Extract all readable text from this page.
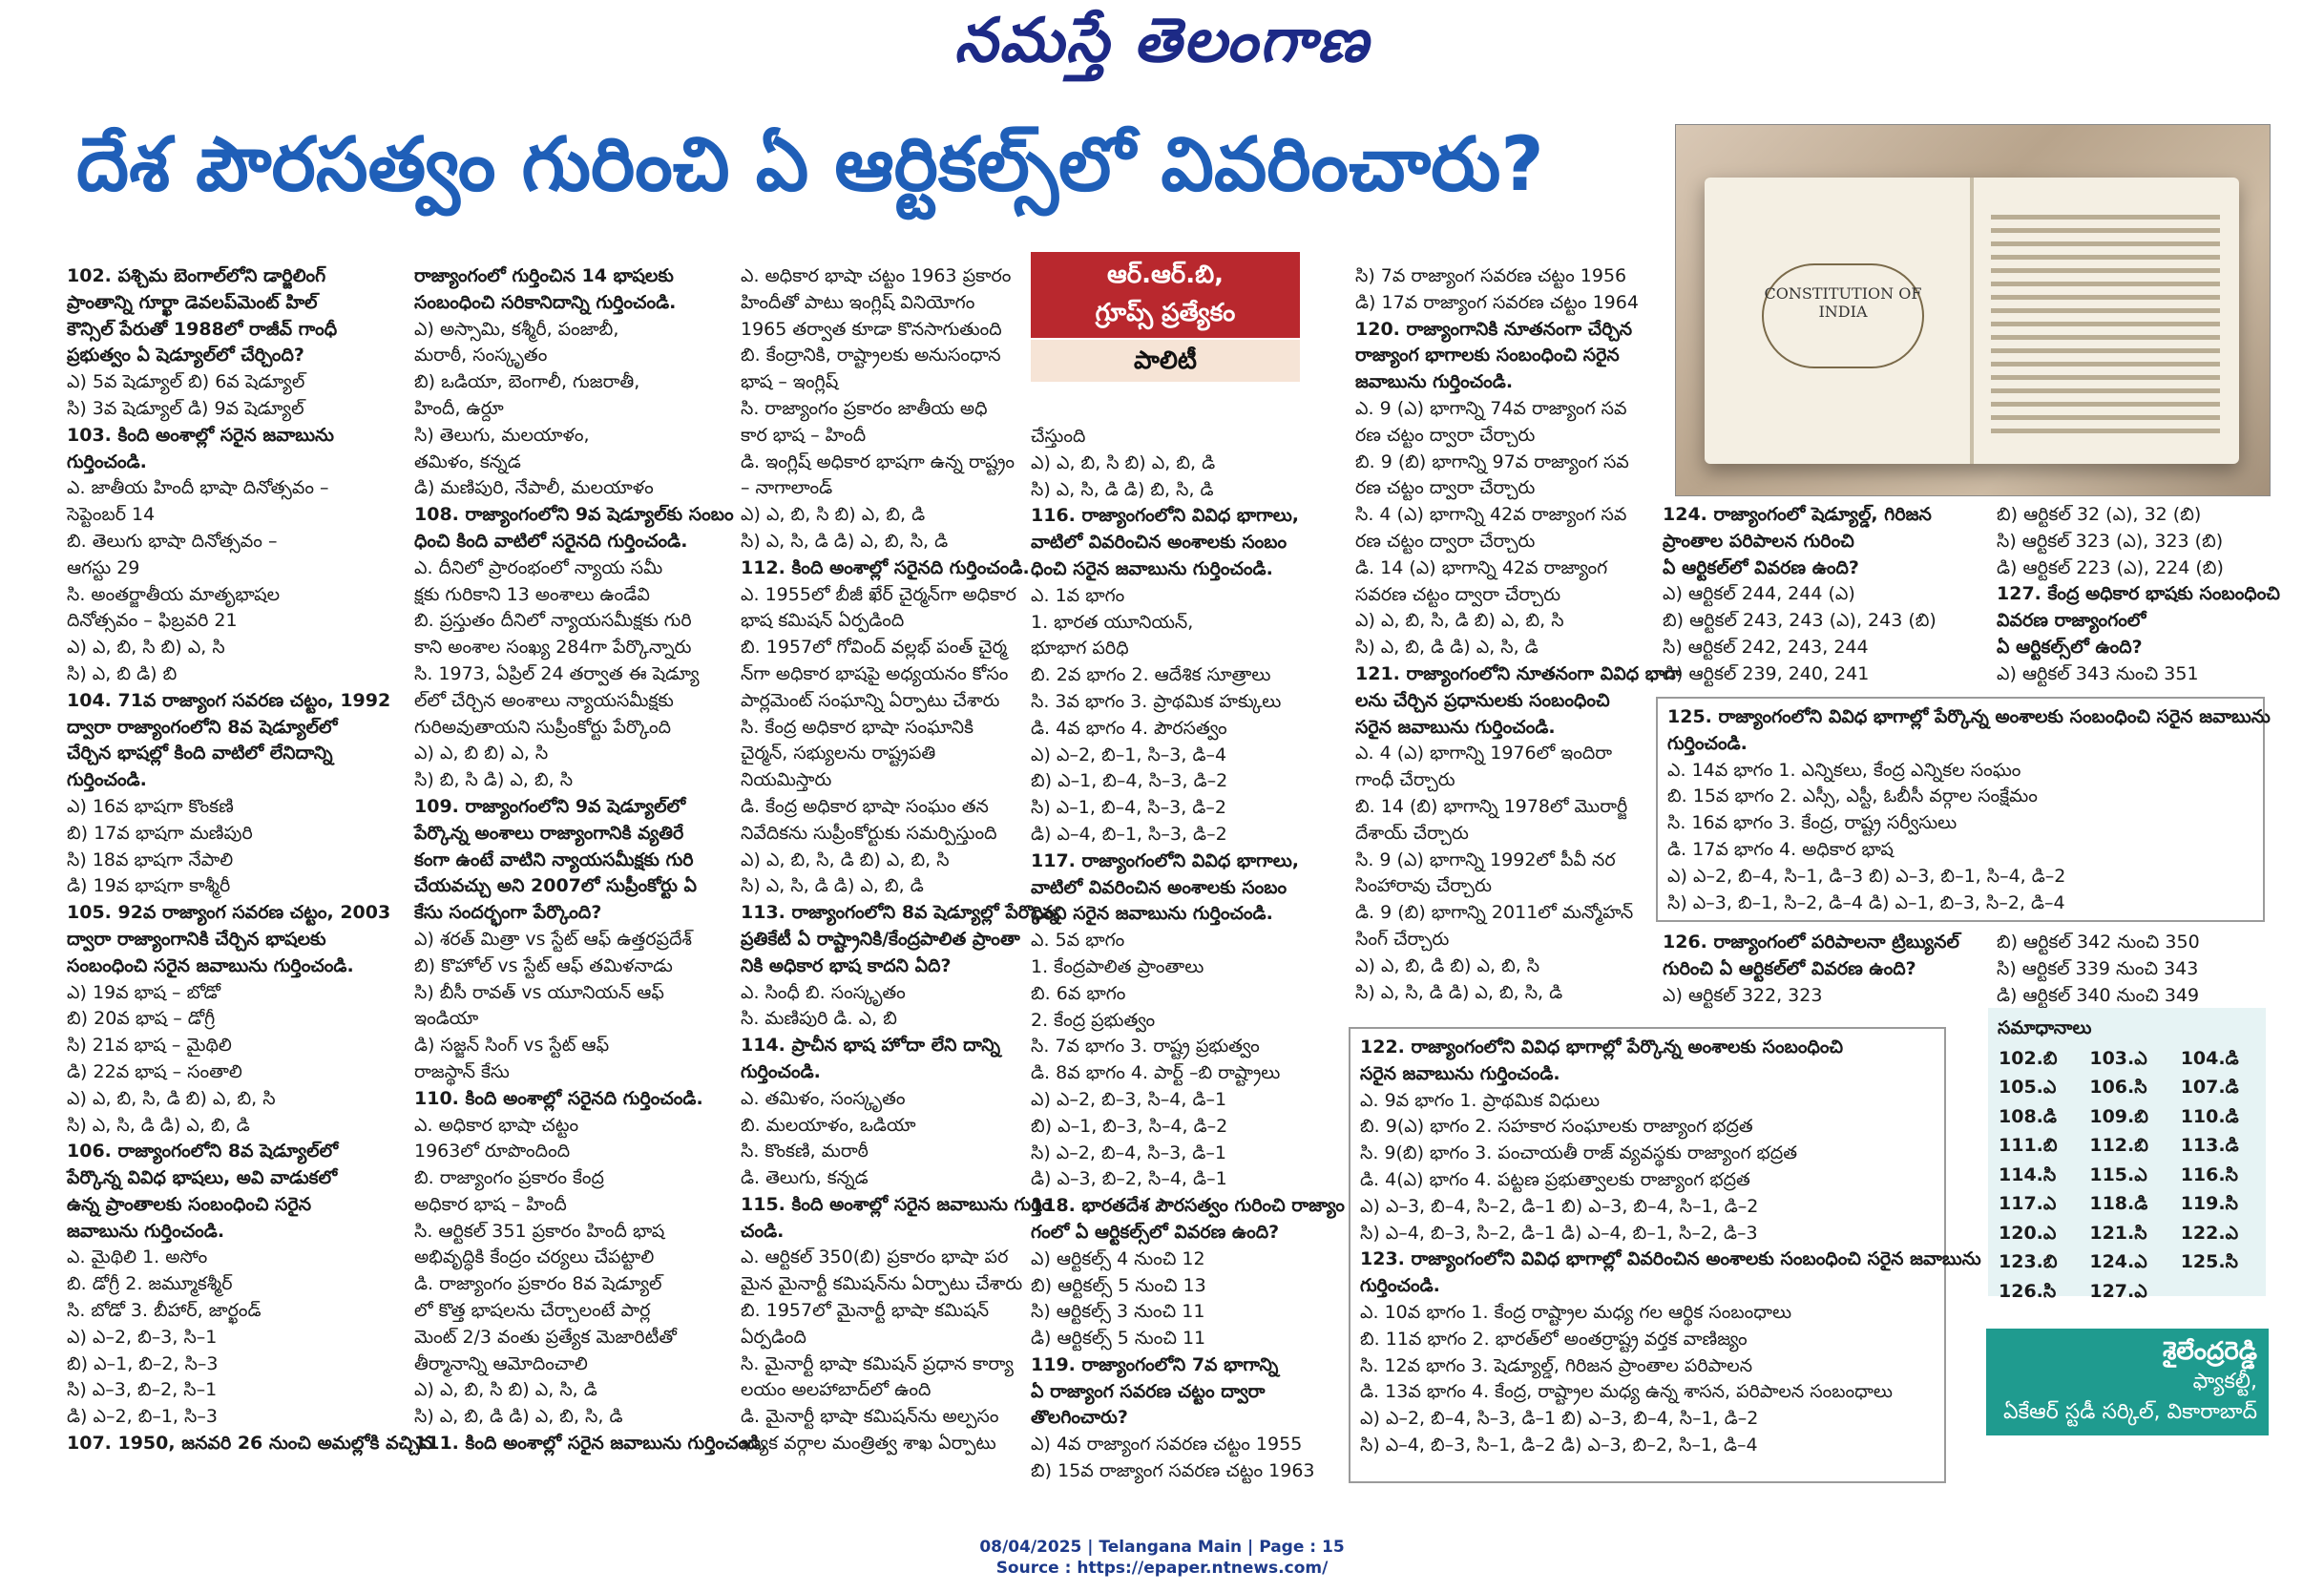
నమస్తే తెలంగాణ
దేశ పౌరసత్వం గురించి ఏ ఆర్టికల్స్‌లో వివరించారు?
CONSTITUTION OF INDIA
ఆర్.ఆర్.బి,
గ్రూప్స్ ప్రత్యేకం
పాలిటీ

102. పశ్చిమ బెంగాల్‌లోని డార్జిలింగ్

ప్రాంతాన్ని గూర్ఖా డెవలప్‌మెంట్ హిల్

కౌన్సిల్ పేరుతో 1988లో రాజీవ్ గాంధీ

ప్రభుత్వం ఏ షెడ్యూల్‌లో చేర్చింది?

ఎ) 5వ షెడ్యూల్ బి) 6వ షెడ్యూల్

సి) 3వ షెడ్యూల్ డి) 9వ షెడ్యూల్

103. కింది అంశాల్లో సరైన జవాబును

గుర్తించండి.

ఎ. జాతీయ హిందీ భాషా దినోత్సవం –

సెప్టెంబర్ 14

బి. తెలుగు భాషా దినోత్సవం –

ఆగస్టు 29

సి. అంతర్జాతీయ మాతృభాషల

దినోత్సవం – ఫిబ్రవరి 21

ఎ) ఎ, బి, సి బి) ఎ, సి

సి) ఎ, బి డి) బి

104. 71వ రాజ్యాంగ సవరణ చట్టం, 1992

ద్వారా రాజ్యాంగంలోని 8వ షెడ్యూల్‌లో

చేర్చిన భాషల్లో కింది వాటిలో లేనిదాన్ని

గుర్తించండి.

ఎ) 16వ భాషగా కొంకణి

బి) 17వ భాషగా మణిపురి

సి) 18వ భాషగా నేపాలి

డి) 19వ భాషగా కాశ్మీరీ

105. 92వ రాజ్యాంగ సవరణ చట్టం, 2003

ద్వారా రాజ్యాంగానికి చేర్చిన భాషలకు

సంబంధించి సరైన జవాబును గుర్తించండి.

ఎ) 19వ భాష – బోడో

బి) 20వ భాష – డోగ్రీ

సి) 21వ భాష – మైథిలి

డి) 22వ భాష – సంతాలి

ఎ) ఎ, బి, సి, డి బి) ఎ, బి, సి

సి) ఎ, సి, డి డి) ఎ, బి, డి

106. రాజ్యాంగంలోని 8వ షెడ్యూల్‌లో

పేర్కొన్న వివిధ భాషలు, అవి వాడుకలో

ఉన్న ప్రాంతాలకు సంబంధించి సరైన

జవాబును గుర్తించండి.

ఎ. మైథిలి 1. అసోం

బి. డోగ్రీ 2. జమ్మూకశ్మీర్

సి. బోడో 3. బీహార్, జార్ఖండ్

ఎ) ఎ–2, బి–3, సి–1

బి) ఎ–1, బి–2, సి–3

సి) ఎ–3, బి–2, సి–1

డి) ఎ–2, బి–1, సి–3

107. 1950, జనవరి 26 నుంచి అమల్లోకి వచ్చిన

రాజ్యాంగంలో గుర్తించిన 14 భాషలకు

సంబంధించి సరికానిదాన్ని గుర్తించండి.

ఎ) అస్సామి, కశ్మీరీ, పంజాబీ,

మరాఠీ, సంస్కృతం

బి) ఒడియా, బెంగాలీ, గుజరాతీ,

హిందీ, ఉర్దూ

సి) తెలుగు, మలయాళం,

తమిళం, కన్నడ

డి) మణిపురి, నేపాలీ, మలయాళం

108. రాజ్యాంగంలోని 9వ షెడ్యూల్‌కు సంబం

ధించి కింది వాటిలో సరైనది గుర్తించండి.

ఎ. దీనిలో ప్రారంభంలో న్యాయ సమీ

క్షకు గురికాని 13 అంశాలు ఉండేవి

బి. ప్రస్తుతం దీనిలో న్యాయసమీక్షకు గురి

కాని అంశాల సంఖ్య 284గా పేర్కొన్నారు

సి. 1973, ఏప్రిల్ 24 తర్వాత ఈ షెడ్యూ

ల్‌లో చేర్చిన అంశాలు న్యాయసమీక్షకు

గురిఅవుతాయని సుప్రీంకోర్టు పేర్కొంది

ఎ) ఎ, బి బి) ఎ, సి

సి) బి, సి డి) ఎ, బి, సి

109. రాజ్యాంగంలోని 9వ షెడ్యూల్‌లో

పేర్కొన్న అంశాలు రాజ్యాంగానికి వ్యతిరే

కంగా ఉంటే వాటిని న్యాయసమీక్షకు గురి

చేయవచ్చు అని 2007లో సుప్రీంకోర్టు ఏ

కేసు సందర్భంగా పేర్కొంది?

ఎ) శరత్ మిత్రా vs స్టేట్ ఆఫ్ ఉత్తరప్రదేశ్

బి) కొహోల్ vs స్టేట్ ఆఫ్ తమిళనాడు

సి) బీసీ రావత్ vs యూనియన్ ఆఫ్

ఇండియా

డి) సజ్జన్ సింగ్ vs స్టేట్ ఆఫ్

రాజస్థాన్ కేసు

110. కింది అంశాల్లో సరైనది గుర్తించండి.

ఎ. అధికార భాషా చట్టం

1963లో రూపొందింది

బి. రాజ్యాంగం ప్రకారం కేంద్ర

అధికార భాష – హిందీ

సి. ఆర్టికల్ 351 ప్రకారం హిందీ భాష

అభివృద్ధికి కేంద్రం చర్యలు చేపట్టాలి

డి. రాజ్యాంగం ప్రకారం 8వ షెడ్యూల్

లో కొత్త భాషలను చేర్చాలంటే పార్ల

మెంట్ 2/3 వంతు ప్రత్యేక మెజారిటీతో

తీర్మానాన్ని ఆమోదించాలి

ఎ) ఎ, బి, సి బి) ఎ, సి, డి

సి) ఎ, బి, డి డి) ఎ, బి, సి, డి

111. కింది అంశాల్లో సరైన జవాబును గుర్తించండి.

ఎ. అధికార భాషా చట్టం 1963 ప్రకారం

హిందీతో పాటు ఇంగ్లిష్ వినియోగం

1965 తర్వాత కూడా కొనసాగుతుంది

బి. కేంద్రానికి, రాష్ట్రాలకు అనుసంధాన

భాష – ఇంగ్లిష్

సి. రాజ్యాంగం ప్రకారం జాతీయ అధి

కార భాష – హిందీ

డి. ఇంగ్లిష్ అధికార భాషగా ఉన్న రాష్ట్రం

– నాగాలాండ్

ఎ) ఎ, బి, సి బి) ఎ, బి, డి

సి) ఎ, సి, డి డి) ఎ, బి, సి, డి

112. కింది అంశాల్లో సరైనది గుర్తించండి.

ఎ. 1955లో బీజీ ఖేర్ చైర్మన్‌గా అధికార

భాష కమిషన్ ఏర్పడింది

బి. 1957లో గోవింద్ వల్లభ్ పంత్ చైర్మ

న్‌గా అధికార భాషపై అధ్యయనం కోసం

పార్లమెంట్ సంఘాన్ని ఏర్పాటు చేశారు

సి. కేంద్ర అధికార భాషా సంఘానికి

చైర్మన్, సభ్యులను రాష్ట్రపతి

నియమిస్తారు

డి. కేంద్ర అధికార భాషా సంఘం తన

నివేదికను సుప్రీంకోర్టుకు సమర్పిస్తుంది

ఎ) ఎ, బి, సి, డి బి) ఎ, బి, సి

సి) ఎ, సి, డి డి) ఎ, బి, డి

113. రాజ్యాంగంలోని 8వ షెడ్యూల్లో పేర్కొన్న

ప్రతికేటీ ఏ రాష్ట్రానికి/కేంద్రపాలిత ప్రాంతా

నికి అధికార భాష కాదని ఏది?

ఎ. సింధీ బి. సంస్కృతం

సి. మణిపురి డి. ఎ, బి

114. ప్రాచీన భాష హోదా లేని దాన్ని

గుర్తించండి.

ఎ. తమిళం, సంస్కృతం

బి. మలయాళం, ఒడియా

సి. కొంకణి, మరాఠీ

డి. తెలుగు, కన్నడ

115. కింది అంశాల్లో సరైన జవాబును గుర్తిం

చండి.

ఎ. ఆర్టికల్ 350(బి) ప్రకారం భాషా పర

మైన మైనార్టీ కమిషన్‌ను ఏర్పాటు చేశారు

బి. 1957లో మైనార్టీ భాషా కమిషన్

ఏర్పడింది

సి. మైనార్టీ భాషా కమిషన్ ప్రధాన కార్యా

లయం అలహాబాద్‌లో ఉంది

డి. మైనార్టీ భాషా కమిషన్‌ను అల్పసం

ఖ్యాక వర్గాల మంత్రిత్వ శాఖ ఏర్పాటు

చేస్తుంది

ఎ) ఎ, బి, సి బి) ఎ, బి, డి

సి) ఎ, సి, డి డి) బి, సి, డి

116. రాజ్యాంగంలోని వివిధ భాగాలు,

వాటిలో వివరించిన అంశాలకు సంబం

ధించి సరైన జవాబును గుర్తించండి.

ఎ. 1వ భాగం

1. భారత యూనియన్,

భూభాగ పరిధి

బి. 2వ భాగం 2. ఆదేశిక సూత్రాలు

సి. 3వ భాగం 3. ప్రాథమిక హక్కులు

డి. 4వ భాగం 4. పౌరసత్వం

ఎ) ఎ–2, బి–1, సి–3, డి–4

బి) ఎ–1, బి–4, సి–3, డి–2

సి) ఎ–1, బి–4, సి–3, డి–2

డి) ఎ–4, బి–1, సి–3, డి–2

117. రాజ్యాంగంలోని వివిధ భాగాలు,

వాటిలో వివరించిన అంశాలకు సంబం

ధించి సరైన జవాబును గుర్తించండి.

ఎ. 5వ భాగం

1. కేంద్రపాలిత ప్రాంతాలు

బి. 6వ భాగం

2. కేంద్ర ప్రభుత్వం

సి. 7వ భాగం 3. రాష్ట్ర ప్రభుత్వం

డి. 8వ భాగం 4. పార్ట్ –బి రాష్ట్రాలు

ఎ) ఎ–2, బి–3, సి–4, డి–1

బి) ఎ–1, బి–3, సి–4, డి–2

సి) ఎ–2, బి–4, సి–3, డి–1

డి) ఎ–3, బి–2, సి–4, డి–1

118. భారతదేశ పౌరసత్వం గురించి రాజ్యాం

గంలో ఏ ఆర్టికల్స్‌లో వివరణ ఉంది?

ఎ) ఆర్టికల్స్ 4 నుంచి 12

బి) ఆర్టికల్స్ 5 నుంచి 13

సి) ఆర్టికల్స్ 3 నుంచి 11

డి) ఆర్టికల్స్ 5 నుంచి 11

119. రాజ్యాంగంలోని 7వ భాగాన్ని

ఏ రాజ్యాంగ సవరణ చట్టం ద్వారా

తొలగించారు?

ఎ) 4వ రాజ్యాంగ సవరణ చట్టం 1955

బి) 15వ రాజ్యాంగ సవరణ చట్టం 1963

సి) 7వ రాజ్యాంగ సవరణ చట్టం 1956

డి) 17వ రాజ్యాంగ సవరణ చట్టం 1964

120. రాజ్యాంగానికి నూతనంగా చేర్చిన

రాజ్యాంగ భాగాలకు సంబంధించి సరైన

జవాబును గుర్తించండి.

ఎ. 9 (ఎ) భాగాన్ని 74వ రాజ్యాంగ సవ

రణ చట్టం ద్వారా చేర్చారు

బి. 9 (బి) భాగాన్ని 97వ రాజ్యాంగ సవ

రణ చట్టం ద్వారా చేర్చారు

సి. 4 (ఎ) భాగాన్ని 42వ రాజ్యాంగ సవ

రణ చట్టం ద్వారా చేర్చారు

డి. 14 (ఎ) భాగాన్ని 42వ రాజ్యాంగ

సవరణ చట్టం ద్వారా చేర్చారు

ఎ) ఎ, బి, సి, డి బి) ఎ, బి, సి

సి) ఎ, బి, డి డి) ఎ, సి, డి

121. రాజ్యాంగంలోని నూతనంగా వివిధ భాగా

లను చేర్చిన ప్రధానులకు సంబంధించి

సరైన జవాబును గుర్తించండి.

ఎ. 4 (ఎ) భాగాన్ని 1976లో ఇందిరా

గాంధీ చేర్చారు

బి. 14 (బి) భాగాన్ని 1978లో మొరార్జీ

దేశాయ్ చేర్చారు

సి. 9 (ఎ) భాగాన్ని 1992లో పీవీ నర

సింహారావు చేర్చారు

డి. 9 (బి) భాగాన్ని 2011లో మన్మోహన్

సింగ్ చేర్చారు

ఎ) ఎ, బి, డి బి) ఎ, బి, సి

సి) ఎ, సి, డి డి) ఎ, బి, సి, డి

124. రాజ్యాంగంలో షెడ్యూల్డ్, గిరిజన

ప్రాంతాల పరిపాలన గురించి

ఏ ఆర్టికల్‌లో వివరణ ఉంది?

ఎ) ఆర్టికల్ 244, 244 (ఎ)

బి) ఆర్టికల్ 243, 243 (ఎ), 243 (బి)

సి) ఆర్టికల్ 242, 243, 244

డి) ఆర్టికల్ 239, 240, 241

బి) ఆర్టికల్ 32 (ఎ), 32 (బి)

సి) ఆర్టికల్ 323 (ఎ), 323 (బి)

డి) ఆర్టికల్ 223 (ఎ), 224 (బి)

127. కేంద్ర అధికార భాషకు సంబంధించి

వివరణ రాజ్యాంగంలో

ఏ ఆర్టికల్స్‌లో ఉంది?

ఎ) ఆర్టికల్ 343 నుంచి 351

126. రాజ్యాంగంలో పరిపాలనా ట్రిబ్యునల్

గురించి ఏ ఆర్టికల్‌లో వివరణ ఉంది?

ఎ) ఆర్టికల్ 322, 323

బి) ఆర్టికల్ 342 నుంచి 350

సి) ఆర్టికల్ 339 నుంచి 343

డి) ఆర్టికల్ 340 నుంచి 349

125. రాజ్యాంగంలోని వివిధ భాగాల్లో పేర్కొన్న అంశాలకు సంబంధించి సరైన జవాబును

గుర్తించండి.

ఎ. 14వ భాగం 1. ఎన్నికలు, కేంద్ర ఎన్నికల సంఘం

బి. 15వ భాగం 2. ఎస్సీ, ఎస్టీ, ఓబీసీ వర్గాల సంక్షేమం

సి. 16వ భాగం 3. కేంద్ర, రాష్ట్ర సర్వీసులు

డి. 17వ భాగం 4. అధికార భాష

ఎ) ఎ–2, బి–4, సి–1, డి–3 బి) ఎ–3, బి–1, సి–4, డి–2

సి) ఎ–3, బి–1, సి–2, డి–4 డి) ఎ–1, బి–3, సి–2, డి–4

122. రాజ్యాంగంలోని వివిధ భాగాల్లో పేర్కొన్న అంశాలకు సంబంధించి

సరైన జవాబును గుర్తించండి.

ఎ. 9వ భాగం 1. ప్రాథమిక విధులు

బి. 9(ఎ) భాగం 2. సహకార సంఘాలకు రాజ్యాంగ భద్రత

సి. 9(బి) భాగం 3. పంచాయతీ రాజ్ వ్యవస్థకు రాజ్యాంగ భద్రత

డి. 4(ఎ) భాగం 4. పట్టణ ప్రభుత్వాలకు రాజ్యాంగ భద్రత

ఎ) ఎ–3, బి–4, సి–2, డి–1 బి) ఎ–3, బి–4, సి–1, డి–2

సి) ఎ–4, బి–3, సి–2, డి–1 డి) ఎ–4, బి–1, సి–2, డి–3

123. రాజ్యాంగంలోని వివిధ భాగాల్లో వివరించిన అంశాలకు సంబంధించి సరైన జవాబును

గుర్తించండి.

ఎ. 10వ భాగం 1. కేంద్ర రాష్ట్రాల మధ్య గల ఆర్థిక సంబంధాలు

బి. 11వ భాగం 2. భారత్‌లో అంతర్రాష్ట్ర వర్తక వాణిజ్యం

సి. 12వ భాగం 3. షెడ్యూల్డ్, గిరిజన ప్రాంతాల పరిపాలన

డి. 13వ భాగం 4. కేంద్ర, రాష్ట్రాల మధ్య ఉన్న శాసన, పరిపాలన సంబంధాలు

ఎ) ఎ–2, బి–4, సి–3, డి–1 బి) ఎ–3, బి–4, సి–1, డి–2

సి) ఎ–4, బి–3, సి–1, డి–2 డి) ఎ–3, బి–2, సి–1, డి–4

సమాధానాలు
102.బి	103.ఎ	104.డి
105.ఎ	106.సి	107.డి
108.డి	109.బి	110.డి
111.బి	112.బి	113.డి
114.సి	115.ఎ	116.సి
117.ఎ	118.డి	119.సి
120.ఎ	121.సి	122.ఎ
123.బి	124.ఎ	125.సి
126.సి	127.ఎ	
శైలేంద్రరెడ్డి
ఫ్యాకల్టీ,
ఏకేఆర్ స్టడీ సర్కిల్, వికారాబాద్
08/04/2025 | Telangana Main | Page : 15
Source : https://epaper.ntnews.com/
